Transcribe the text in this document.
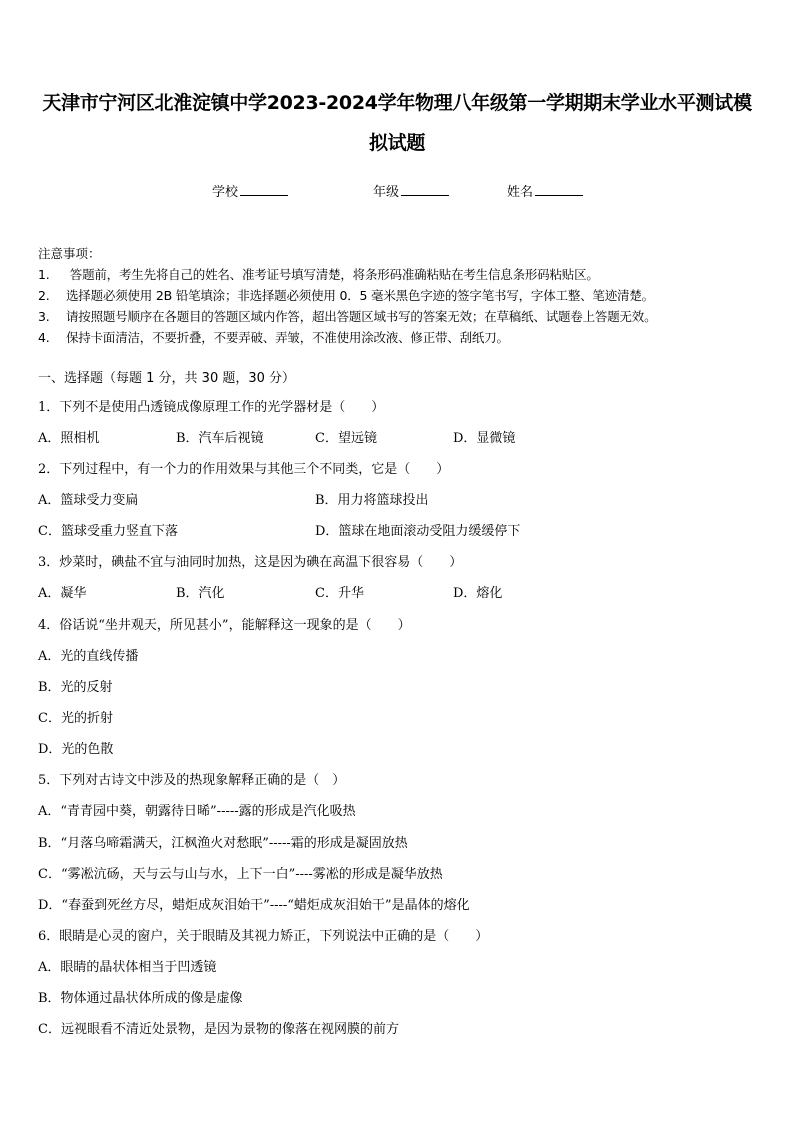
天津市宁河区北淮淀镇中学2023-2024学年物理八年级第一学期期末学业水平测试模
拟试题
学校	年级	姓名
注意事项：
1. 答题前，考生先将自己的姓名、准考证号填写清楚，将条形码准确粘贴在考生信息条形码粘贴区。
2. 选择题必须使用 2B 铅笔填涂；非选择题必须使用 0．5 毫米黑色字迹的签字笔书写，字体工整、笔迹清楚。
3. 请按照题号顺序在各题目的答题区域内作答，超出答题区域书写的答案无效；在草稿纸、试题卷上答题无效。
4. 保持卡面清洁，不要折叠，不要弄破、弄皱，不准使用涂改液、修正带、刮纸刀。
一、选择题（每题 1 分，共 30 题，30 分）
1．下列不是使用凸透镜成像原理工作的光学器材是（　　）
A．照相机	B．汽车后视镜	C．望远镜	D．显微镜
2．下列过程中，有一个力的作用效果与其他三个不同类，它是（　　）
A．篮球受力变扁	B．用力将篮球投出
C．篮球受重力竖直下落	D．篮球在地面滚动受阻力缓缓停下
3．炒菜时，碘盐不宜与油同时加热，这是因为碘在高温下很容易（　　）
A．凝华	B．汽化	C．升华	D．熔化
4．俗话说“坐井观天，所见甚小”，能解释这一现象的是（　　）
A．光的直线传播
B．光的反射
C．光的折射
D．光的色散
5．下列对古诗文中涉及的热现象解释正确的是（　）
A．“青青园中葵，朝露待日晞”-----露的形成是汽化吸热
B．“月落乌啼霜满天，江枫渔火对愁眠”-----霜的形成是凝固放热
C．“雾凇沆砀，天与云与山与水，上下一白”----雾凇的形成是凝华放热
D．“春蚕到死丝方尽，蜡炬成灰泪始干”----“蜡炬成灰泪始干”是晶体的熔化
6．眼睛是心灵的窗户，关于眼睛及其视力矫正，下列说法中正确的是（　　）
A．眼睛的晶状体相当于凹透镜
B．物体通过晶状体所成的像是虚像
C．远视眼看不清近处景物，是因为景物的像落在视网膜的前方
